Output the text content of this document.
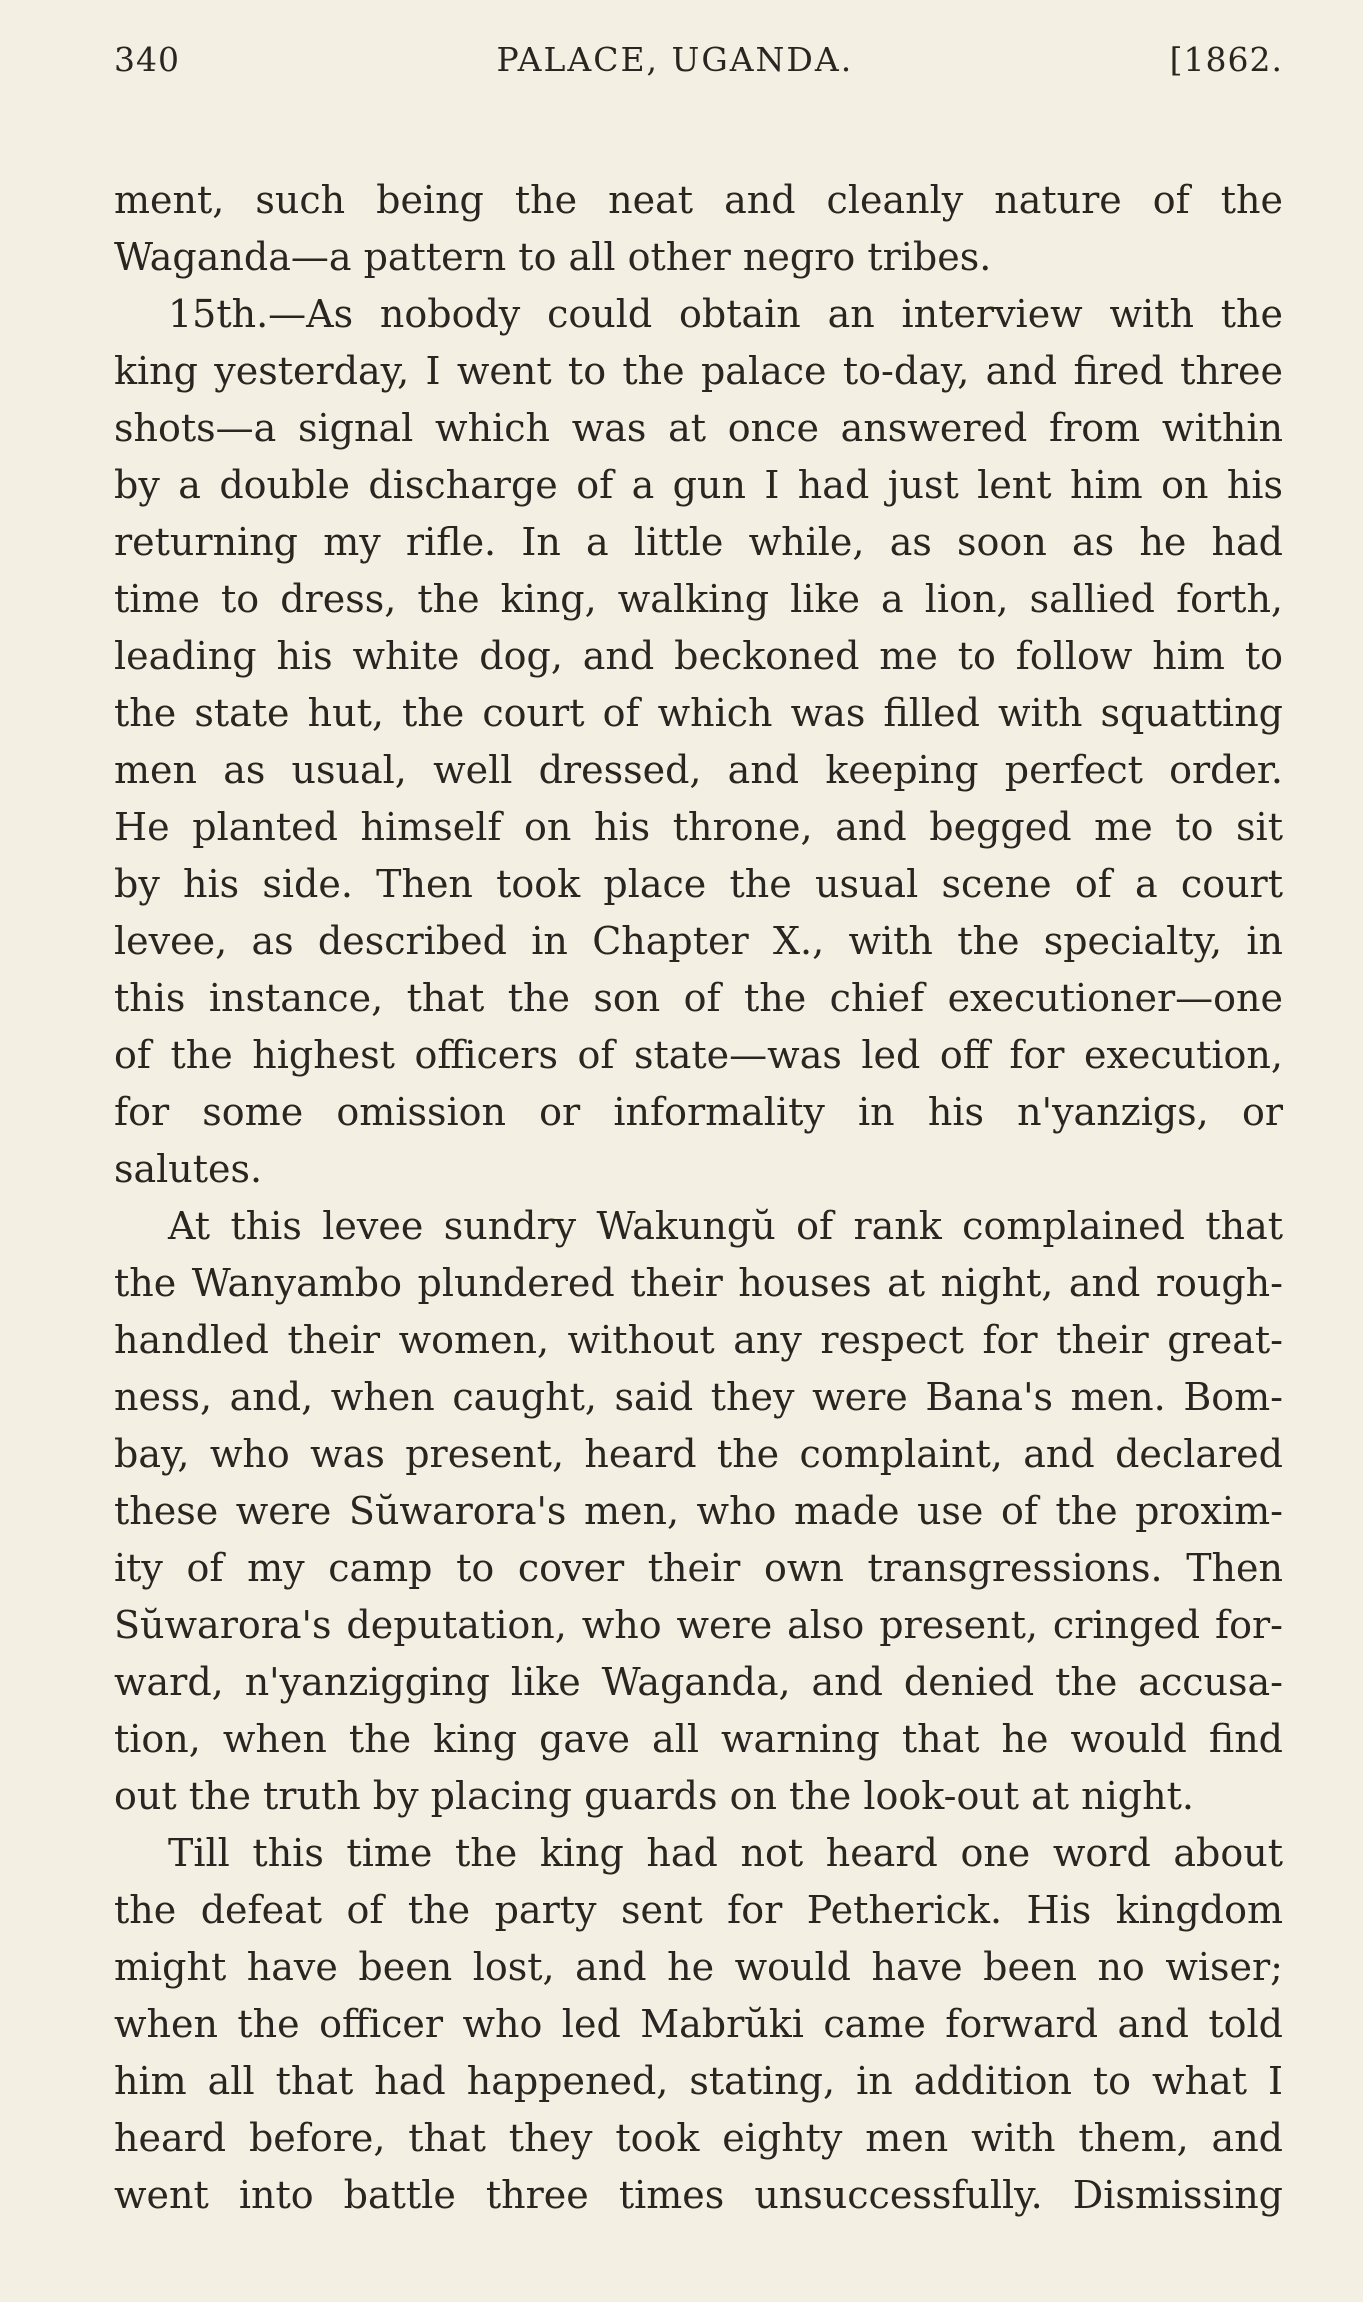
340	PALACE, UGANDA.	[1862.
ment, such being the neat and cleanly nature of the
Waganda—a pattern to all other negro tribes.
15th.—As nobody could obtain an interview with the
king yesterday, I went to the palace to-day, and fired three
shots—a signal which was at once answered from within
by a double discharge of a gun I had just lent him on his
returning my rifle. In a little while, as soon as he had
time to dress, the king, walking like a lion, sallied forth,
leading his white dog, and beckoned me to follow him to
the state hut, the court of which was filled with squatting
men as usual, well dressed, and keeping perfect order.
He planted himself on his throne, and begged me to sit
by his side. Then took place the usual scene of a court
levee, as described in Chapter X., with the specialty, in
this instance, that the son of the chief executioner—one
of the highest officers of state—was led off for execution,
for some omission or informality in his n'yanzigs, or
salutes.
At this levee sundry Wakungŭ of rank complained that
the Wanyambo plundered their houses at night, and rough-
handled their women, without any respect for their great-
ness, and, when caught, said they were Bana's men. Bom-
bay, who was present, heard the complaint, and declared
these were Sŭwarora's men, who made use of the proxim-
ity of my camp to cover their own transgressions. Then
Sŭwarora's deputation, who were also present, cringed for-
ward, n'yanzigging like Waganda, and denied the accusa-
tion, when the king gave all warning that he would find
out the truth by placing guards on the look-out at night.
Till this time the king had not heard one word about
the defeat of the party sent for Petherick. His kingdom
might have been lost, and he would have been no wiser;
when the officer who led Mabrŭki came forward and told
him all that had happened, stating, in addition to what I
heard before, that they took eighty men with them, and
went into battle three times unsuccessfully. Dismissing
